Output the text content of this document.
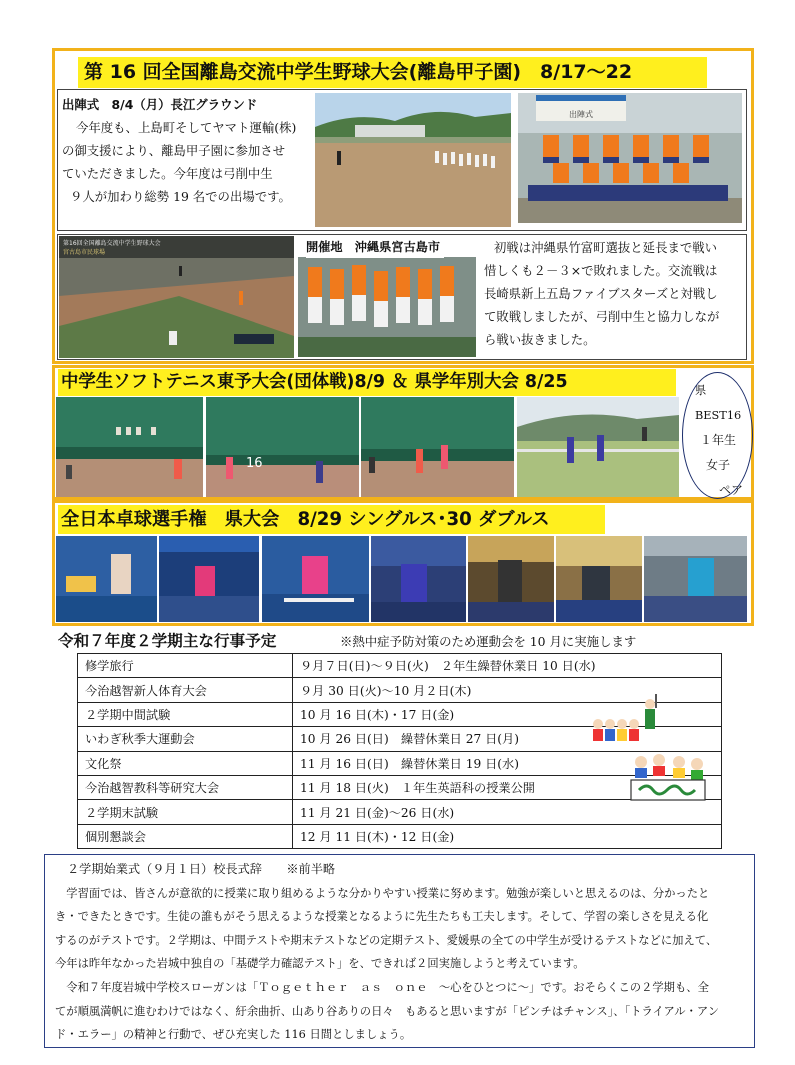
第 16 回全国離島交流中学生野球大会(離島甲子園)　8/17～22
出陣式　8/4（月）長江グラウンド
今年度も、上島町そしてヤマト運輸(株)
の御支援により、離島甲子園に参加させ
ていただきました。今年度は弓削中生
９人が加わり総勢 19 名での出場です。
出陣式
第16回全国離島交流中学生野球大会
宮古島市民球場	開催地　沖縄県宮古島市	初戦は沖縄県竹富町選抜と延長まで戦い
惜しくも２－３×で敗れました。交流戦は
長崎県新上五島ファイブスターズと対戦し
て敗戦しましたが、弓削中生と協力しなが
ら戦い抜きました。
中学生ソフトテニス東予大会(団体戦)8/9 ＆ 県学年別大会 8/25
16
県 BEST16
１年生
女子
ペア
全日本卓球選手権　県大会　8/29 シングルス･30 ダブルス
令和７年度２学期主な行事予定	※熱中症予防対策のため運動会を 10 月に実施します
修学旅行	９月７日(日)～９日(火)　２年生繰替休業日 10 日(水)
今治越智新人体育大会	９月 30 日(火)～10 月２日(木)
２学期中間試験	10 月 16 日(木)・17 日(金)
いわぎ秋季大運動会	10 月 26 日(日)　繰替休業日 27 日(月)
文化祭	11 月 16 日(日)　繰替休業日 19 日(水)
今治越智教科等研究大会	11 月 18 日(火)　１年生英語科の授業公開
２学期末試験	11 月 21 日(金)～26 日(水)
個別懇談会	12 月 11 日(木)・12 日(金)

２学期始業式（９月１日）校長式辞　　※前半略

　学習面では、皆さんが意欲的に授業に取り組めるような分かりやすい授業に努めます。勉強が楽しいと思えるのは、分かったと

き・できたときです。生徒の誰もがそう思えるような授業となるように先生たちも工夫します。そして、学習の楽しさを見える化

するのがテストです。２学期は、中間テストや期末テストなどの定期テスト、愛媛県の全ての中学生が受けるテストなどに加えて、

今年は昨年なかった岩城中独自の「基礎学力確認テスト」を、できれば２回実施しようと考えています。

　令和７年度岩城中学校スローガンは「Ｔｏｇｅｔｈｅｒ　ａｓ　ｏｎｅ　～心をひとつに～」です。おそらくこの２学期も、全

てが順風満帆に進むわけではなく、紆余曲折、山あり谷ありの日々　もあると思いますが「ピンチはチャンス」、「トライアル・アン

ド・エラー」の精神と行動で、ぜひ充実した 116 日間としましょう。
